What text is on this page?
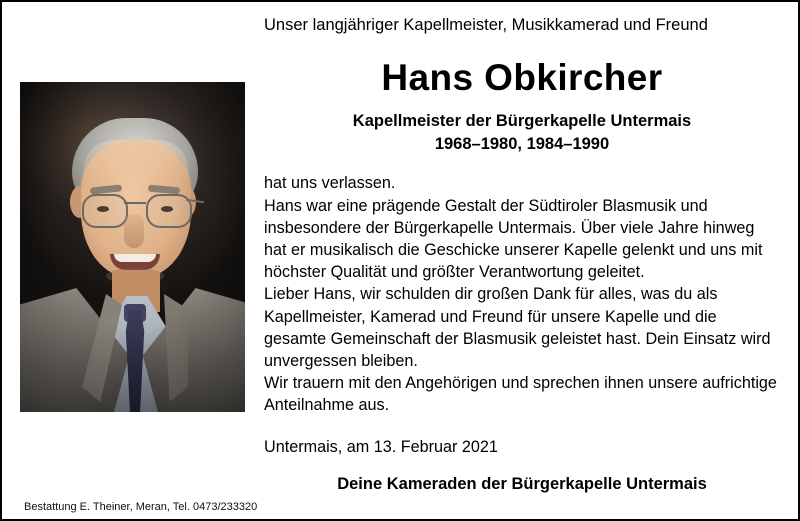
Unser langjähriger Kapellmeister, Musikkamerad und Freund
Hans Obkircher
Kapellmeister der Bürgerkapelle Untermais
1968–1980, 1984–1990

hat uns verlassen.

Hans war eine prägende Gestalt der Südtiroler Blasmusik und insbesondere der Bürgerkapelle Untermais. Über viele Jahre hinweg hat er musikalisch die Geschicke unserer Kapelle gelenkt und uns mit höchster Qualität und größter Verantwortung geleitet.

Lieber Hans, wir schulden dir großen Dank für alles, was du als Kapellmeister, Kamerad und Freund für unsere Kapelle und die gesamte Gemeinschaft der Blasmusik geleistet hast. Dein Einsatz wird unvergessen bleiben.

Wir trauern mit den Angehörigen und sprechen ihnen unsere aufrichtige Anteilnahme aus.

Untermais, am 13. Februar 2021
Deine Kameraden der Bürgerkapelle Untermais
Bestattung E. Theiner, Meran, Tel. 0473/233320
